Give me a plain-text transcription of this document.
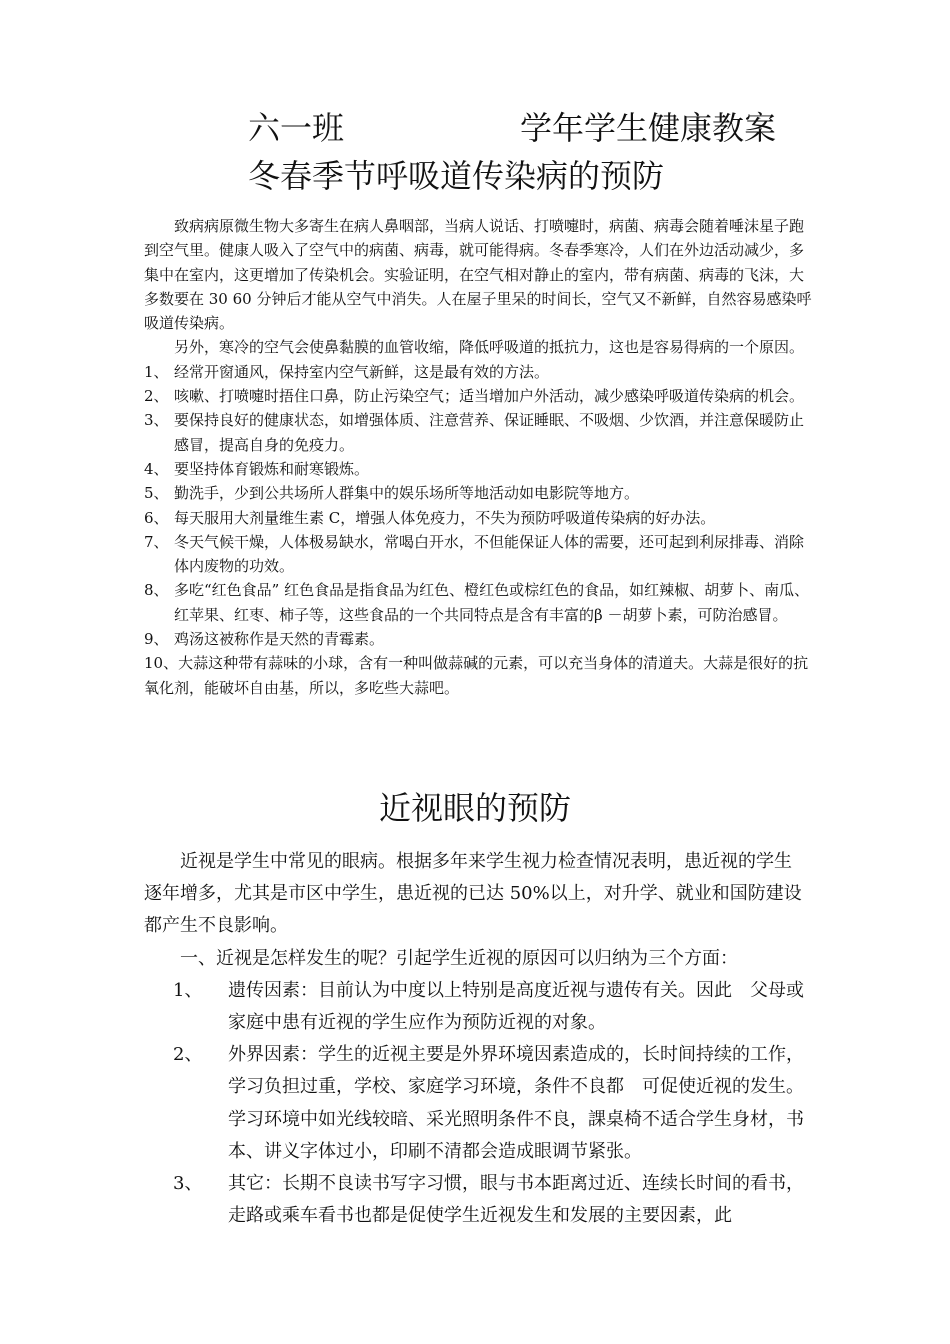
六一班	学年学生健康教案
冬春季节呼吸道传染病的预防

致病病原微生物大多寄生在病人鼻咽部，当病人说话、打喷嚏时，病菌、病毒会随着唾沫星子跑到空气里。健康人吸入了空气中的病菌、病毒，就可能得病。冬春季寒冷，人们在外边活动减少，多集中在室内，这更增加了传染机会。实验证明，在空气相对静止的室内，带有病菌、病毒的飞沫，大多数要在 30 60 分钟后才能从空气中消失。人在屋子里呆的时间长，空气又不新鲜，自然容易感染呼吸道传染病。

另外，寒冷的空气会使鼻黏膜的血管收缩，降低呼吸道的抵抗力，这也是容易得病的一个原因。

1、 经常开窗通风，保持室内空气新鲜，这是最有效的方法。

2、 咳嗽、打喷嚏时捂住口鼻，防止污染空气；适当增加户外活动，减少感染呼吸道传染病的机会。

3、 要保持良好的健康状态，如增强体质、注意营养、保证睡眠、不吸烟、少饮酒，并注意保暖防止感冒，提高自身的免疫力。

4、 要坚持体育锻炼和耐寒锻炼。

5、 勤洗手，少到公共场所人群集中的娱乐场所等地活动如电影院等地方。

6、 每天服用大剂量维生素 C，增强人体免疫力，不失为预防呼吸道传染病的好办法。

7、 冬天气候干燥，人体极易缺水，常喝白开水，不但能保证人体的需要，还可起到利尿排毒、消除体内废物的功效。

8、 多吃“红色食品” 红色食品是指食品为红色、橙红色或棕红色的食品，如红辣椒、胡萝卜、南瓜、红苹果、红枣、柿子等，这些食品的一个共同特点是含有丰富的β －胡萝卜素，可防治感冒。

9、 鸡汤这被称作是天然的青霉素。

10、大蒜这种带有蒜味的小球，含有一种叫做蒜碱的元素，可以充当身体的清道夫。大蒜是很好的抗氧化剂，能破坏自由基，所以，多吃些大蒜吧。

近视眼的预防

近视是学生中常见的眼病。根据多年来学生视力检查情况表明，患近视的学生逐年增多，尤其是市区中学生，患近视的已达 50%以上，对升学、就业和国防建设都产生不良影响。

一、近视是怎样发生的呢？引起学生近视的原因可以归纳为三个方面：

1、 遗传因素：目前认为中度以上特别是高度近视与遗传有关。因此　父母或家庭中患有近视的学生应作为预防近视的对象。

2、 外界因素：学生的近视主要是外界环境因素造成的，长时间持续的工作，学习负担过重，学校、家庭学习环境，条件不良都　可促使近视的发生。学习环境中如光线较暗、采光照明条件不良，課桌椅不适合学生身材，书本、讲义字体过小，印刷不清都会造成眼调节紧张。

3、 其它：长期不良读书写字习惯，眼与书本距离过近、连续长时间的看书，走路或乘车看书也都是促使学生近视发生和发展的主要因素，此
